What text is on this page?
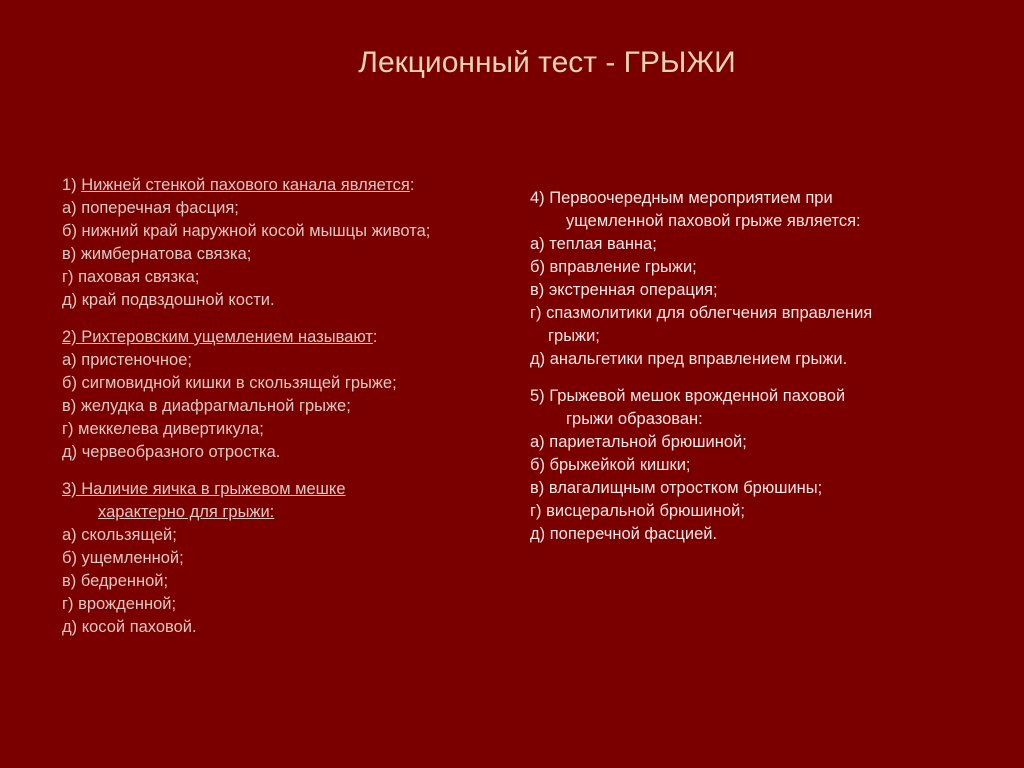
Лекционный тест - ГРЫЖИ
1) Нижней стенкой пахового канала является:
а) поперечная фасция;
б) нижний край наружной косой мышцы живота;
в) жимбернатова связка;
г) паховая связка;
д) край подвздошной кости.
2) Рихтеровским ущемлением называют:
а) пристеночное;
б) сигмовидной кишки в скользящей грыже;
в) желудка в диафрагмальной грыже;
г) меккелева дивертикула;
д) червеобразного отростка.
3) Наличие яичка в грыжевом мешке
характерно для грыжи:
а) скользящей;
б) ущемленной;
в) бедренной;
г) врожденной;
д) косой паховой.
4) Первоочередным мероприятием при
ущемленной паховой грыже является:
а) теплая ванна;
б) вправление грыжи;
в) экстренная операция;
г) спазмолитики для облегчения вправления
грыжи;
д) анальгетики пред вправлением грыжи.
5) Грыжевой мешок врожденной паховой
грыжи образован:
а) париетальной брюшиной;
б) брыжейкой кишки;
в) влагалищным отростком брюшины;
г) висцеральной брюшиной;
д) поперечной фасцией.
